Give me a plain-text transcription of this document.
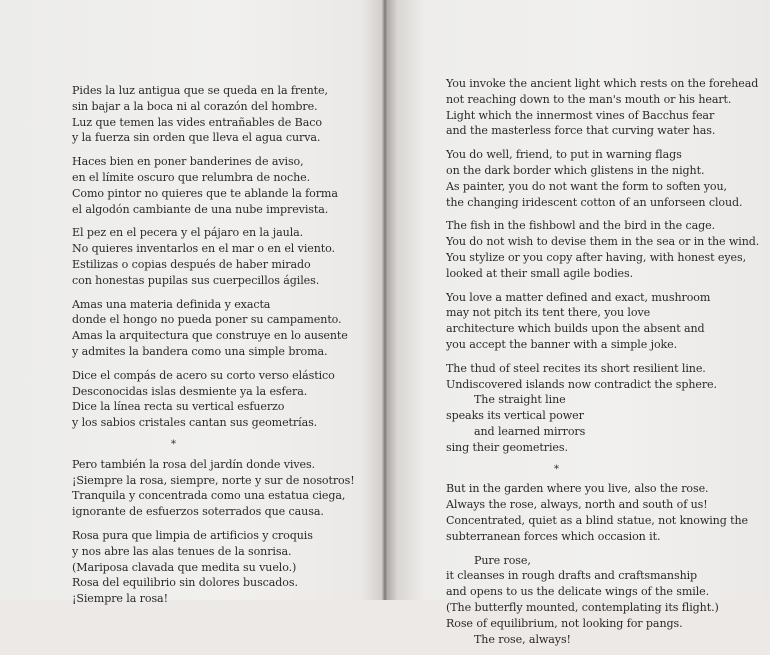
Pides la luz antigua que se queda en la frente,
sin bajar a la boca ni al corazón del hombre.
Luz que temen las vides entrañables de Baco
y la fuerza sin orden que lleva el agua curva.
Haces bien en poner banderines de aviso,
en el límite oscuro que relumbra de noche.
Como pintor no quieres que te ablande la forma
el algodón cambiante de una nube imprevista.
El pez en el pecera y el pájaro en la jaula.
No quieres inventarlos en el mar o en el viento.
Estilizas o copias después de haber mirado
con honestas pupilas sus cuerpecillos ágiles.
Amas una materia definida y exacta
donde el hongo no pueda poner su campamento.
Amas la arquitectura que construye en lo ausente
y admites la bandera como una simple broma.
Dice el compás de acero su corto verso elástico
Desconocidas islas desmiente ya la esfera.
Dice la línea recta su vertical esfuerzo
y los sabios cristales cantan sus geometrías.
*
Pero también la rosa del jardín donde vives.
¡Siempre la rosa, siempre, norte y sur de nosotros!
Tranquila y concentrada como una estatua ciega,
ignorante de esfuerzos soterrados que causa.
Rosa pura que limpia de artificios y croquis
y nos abre las alas tenues de la sonrisa.
(Mariposa clavada que medita su vuelo.)
Rosa del equilibrio sin dolores buscados.
¡Siempre la rosa!
You invoke the ancient light which rests on the forehead
not reaching down to the man's mouth or his heart.
Light which the innermost vines of Bacchus fear
and the masterless force that curving water has.
You do well, friend, to put in warning flags
on the dark border which glistens in the night.
As painter, you do not want the form to soften you,
the changing iridescent cotton of an unforseen cloud.
The fish in the fishbowl and the bird in the cage.
You do not wish to devise them in the sea or in the wind.
You stylize or you copy after having, with honest eyes,
looked at their small agile bodies.
You love a matter defined and exact, mushroom
may not pitch its tent there, you love
architecture which builds upon the absent and
you accept the banner with a simple joke.
The thud of steel recites its short resilient line.
Undiscovered islands now contradict the sphere.
The straight line
speaks its vertical power
and learned mirrors
sing their geometries.
*
But in the garden where you live, also the rose.
Always the rose, always, north and south of us!
Concentrated, quiet as a blind statue, not knowing the
subterranean forces which occasion it.
Pure rose,
it cleanses in rough drafts and craftsmanship
and opens to us the delicate wings of the smile.
(The butterfly mounted, contemplating its flight.)
Rose of equilibrium, not looking for pangs.
The rose, always!
